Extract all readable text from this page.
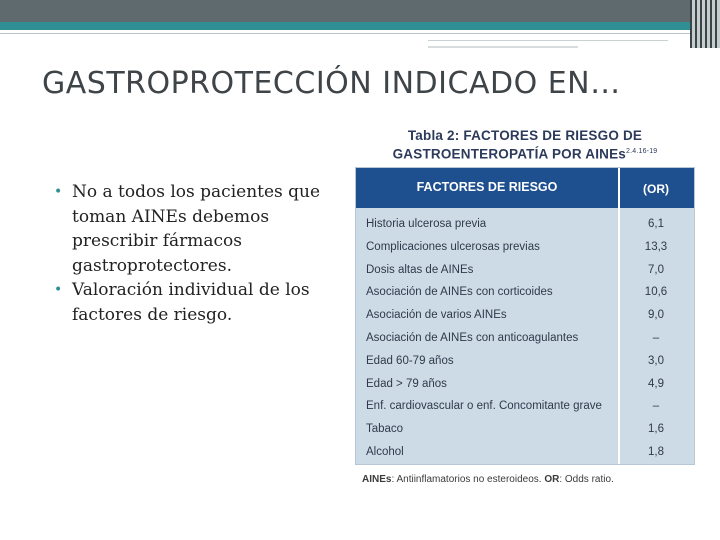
GASTROPROTECCIÓN INDICADO EN…
• No a todos los pacientes que toman AINEs debemos prescribir fármacos gastroprotectores.
• Valoración individual de los factores de riesgo.
Tabla 2: FACTORES DE RIESGO DE
GASTROENTEROPATÍA POR AINEs$^{2.4.16-19}$
FACTORES DE RIESGO	(OR)
Historia ulcerosa previa	6,1
Complicaciones ulcerosas previas	13,3
Dosis altas de AINEs	7,0
Asociación de AINEs con corticoides	10,6
Asociación de varios AINEs	9,0
Asociación de AINEs con anticoagulantes	–
Edad 60-79 años	3,0
Edad > 79 años	4,9
Enf. cardiovascular o enf. Concomitante grave	–
Tabaco	1,6
Alcohol	1,8
AINEs: Antiinflamatorios no esteroideos. OR: Odds ratio.
